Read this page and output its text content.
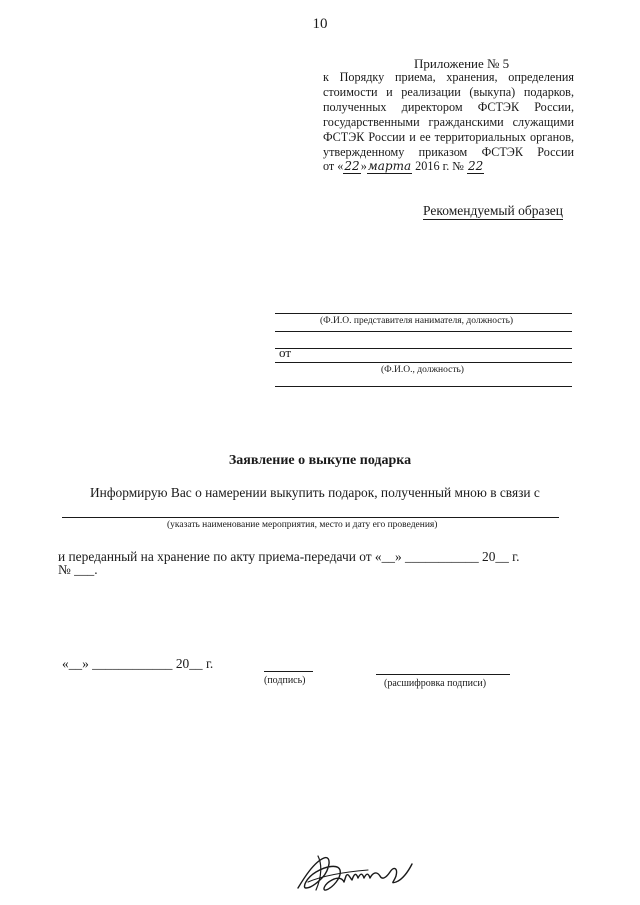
10
Приложение № 5
к Порядку приема, хранения, определения
стоимости и реализации (выкупа) подарков,
полученных директором ФСТЭК России,
государственными гражданскими служащими
ФСТЭК России и ее территориальных органов,
утвержденному приказом ФСТЭК России
от «22»марта 2016 г. № 22
Рекомендуемый образец
(Ф.И.О. представителя нанимателя, должность)
от
(Ф.И.О., должность)
Заявление о выкупе подарка
Информирую Вас о намерении выкупить подарок, полученный мною в связи с
(указать наименование мероприятия, место и дату его проведения)
и переданный на хранение по акту приема-передачи от «__» ___________ 20__ г.
№ ___.
«__» ____________ 20__ г.
(подпись)	(расшифровка подписи)
